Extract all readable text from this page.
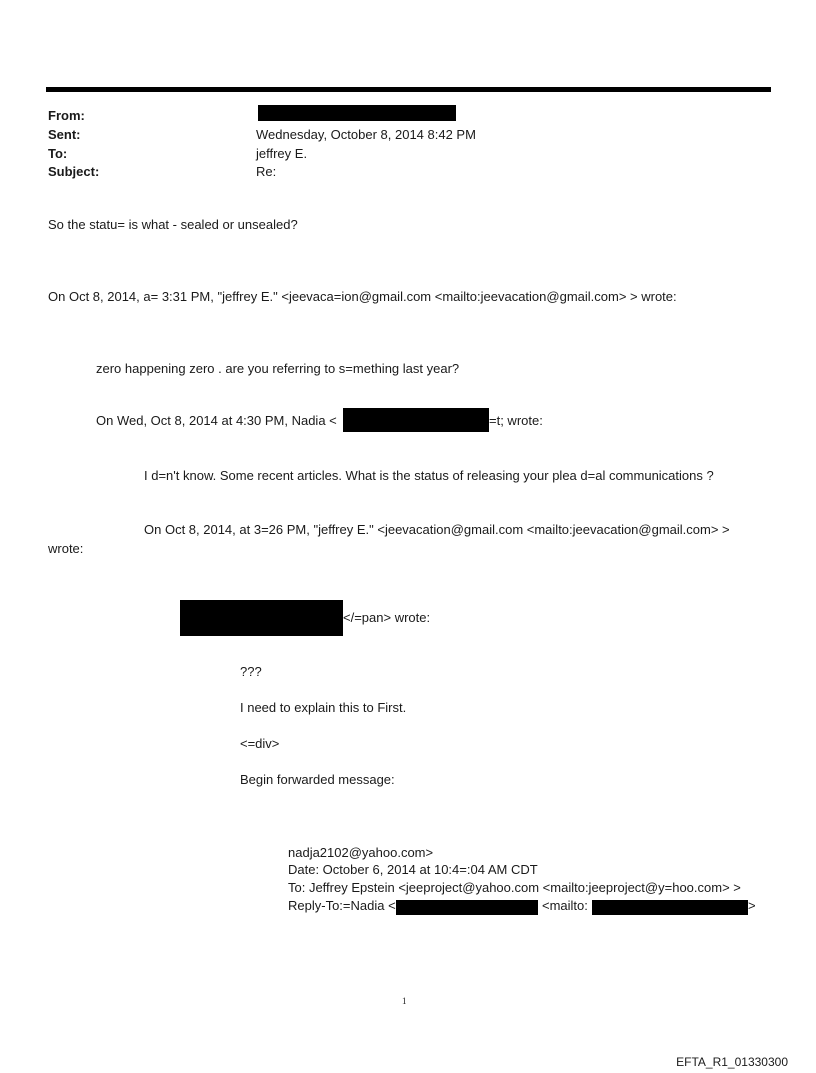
From:
Sent:	Wednesday, October 8, 2014 8:42 PM
To:	jeffrey E.
Subject:	Re:
So the statu= is what - sealed or unsealed?
On Oct 8, 2014, a= 3:31 PM, "jeffrey E." <jeevaca=ion@gmail.com <mailto:jeevacation@gmail.com> > wrote:
zero happening zero . are you referring to s=mething last year?
On Wed, Oct 8, 2014 at 4:30 PM, Nadia <	=t; wrote:
I d=n't know. Some recent articles. What is the status of releasing your plea d=al communications ?
On Oct 8, 2014, at 3=26 PM, "jeffrey E." <jeevacation@gmail.com <mailto:jeevacation@gmail.com> >
wrote:
</=pan> wrote:
???
I need to explain this to First.
<=div>
Begin forwarded message:
nadja2102@yahoo.com>
Date: October 6, 2014 at 10:4=:04 AM CDT
To: Jeffrey Epstein <jeeproject@yahoo.com <mailto:jeeproject@y=hoo.com> >
Reply-To:=Nadia <	<mailto:	>
1
EFTA_R1_01330300
